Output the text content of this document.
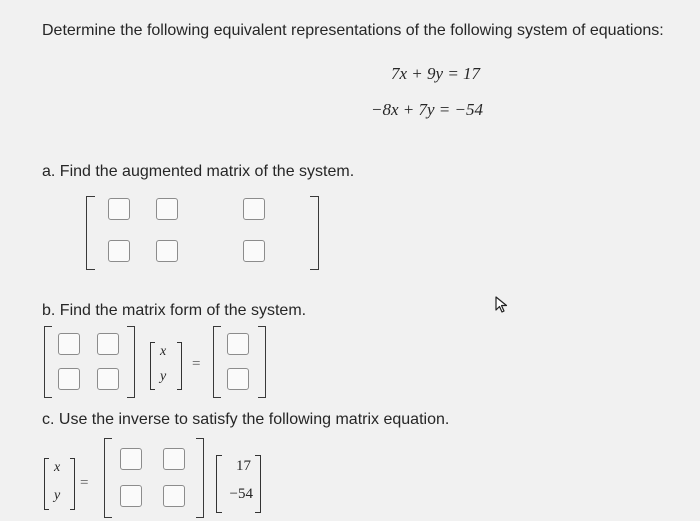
Determine the following equivalent representations of the following system of equations:
7x + 9y = 17
−8x + 7y = −54
a. Find the augmented matrix of the system.
b. Find the matrix form of the system.
x
y
=
c. Use the inverse to satisfy the following matrix equation.
x
y
=
17
−54
